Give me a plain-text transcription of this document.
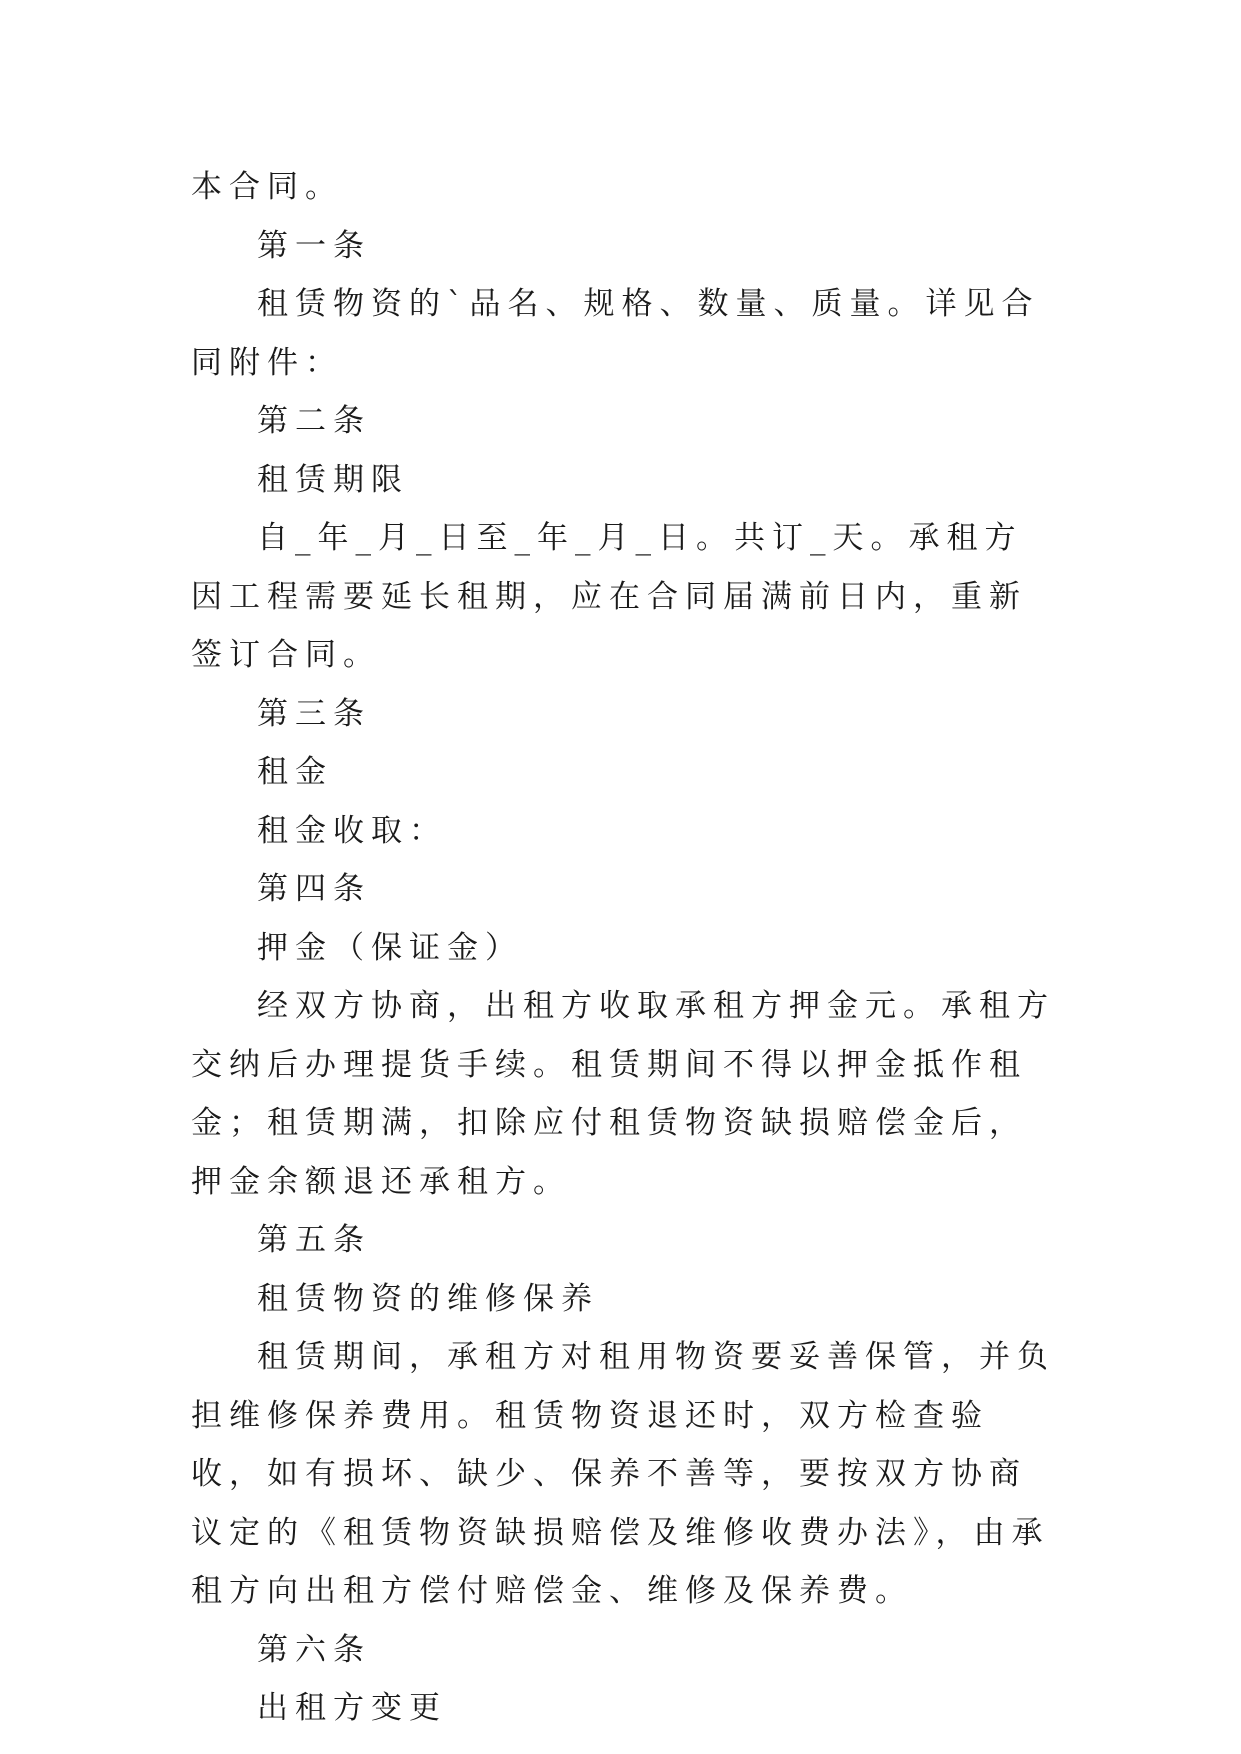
本合同。

第一条

租赁物资的`品名、规格、数量、质量。详见合同附件：

第二条

租赁期限

自_年_月_日至_年_月_日。共订_天。承租方因工程需要延长租期，应在合同届满前日内，重新签订合同。

第三条

租金

租金收取：

第四条

押金（保证金）

经双方协商，出租方收取承租方押金元。承租方交纳后办理提货手续。租赁期间不得以押金抵作租金；租赁期满，扣除应付租赁物资缺损赔偿金后，押金余额退还承租方。

第五条

租赁物资的维修保养

租赁期间，承租方对租用物资要妥善保管，并负担维修保养费用。租赁物资退还时，双方检查验收，如有损坏、缺少、保养不善等，要按双方协商议定的《租赁物资缺损赔偿及维修收费办法》，由承租方向出租方偿付赔偿金、维修及保养费。

第六条

出租方变更
